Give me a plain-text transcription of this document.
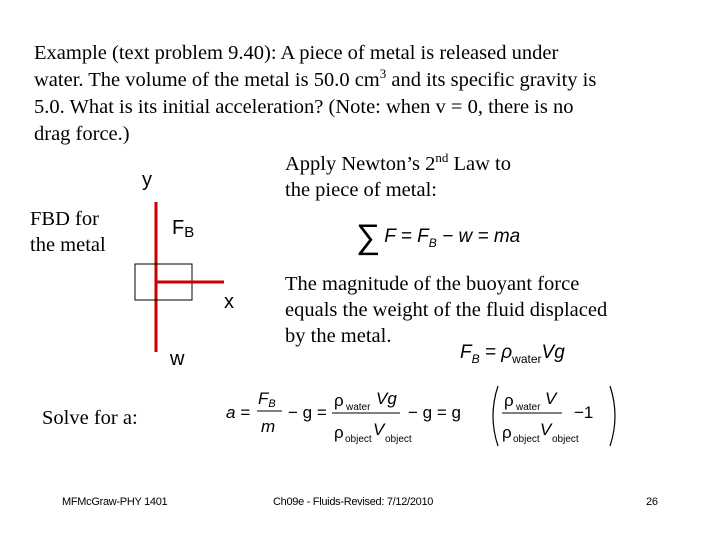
Example (text problem 9.40): A piece of metal is released under

water. The volume of the metal is 50.0 $cm^3$ and its specific gravity is

5.0. What is its initial acceleration? (Note: when v = 0, there is no

drag force.)

Apply Newton’s 2nd Law to
the piece of metal:
FBD for
the metal
y
x
FB
w
∑ $F = F_B - w$ = ma
The magnitude of the buoyant force
equals the weight of the fluid displaced
by the metal.
$F_B = \rho_{water}Vg$
Solve for a:	a =
FB
m
− g =
ρ water Vg
ρ object
V
object
− g = g
ρ water V
ρ object
V
object
−1
MFMcGraw-PHY 1401	Ch09e - Fluids-Revised: 7/12/2010	26
